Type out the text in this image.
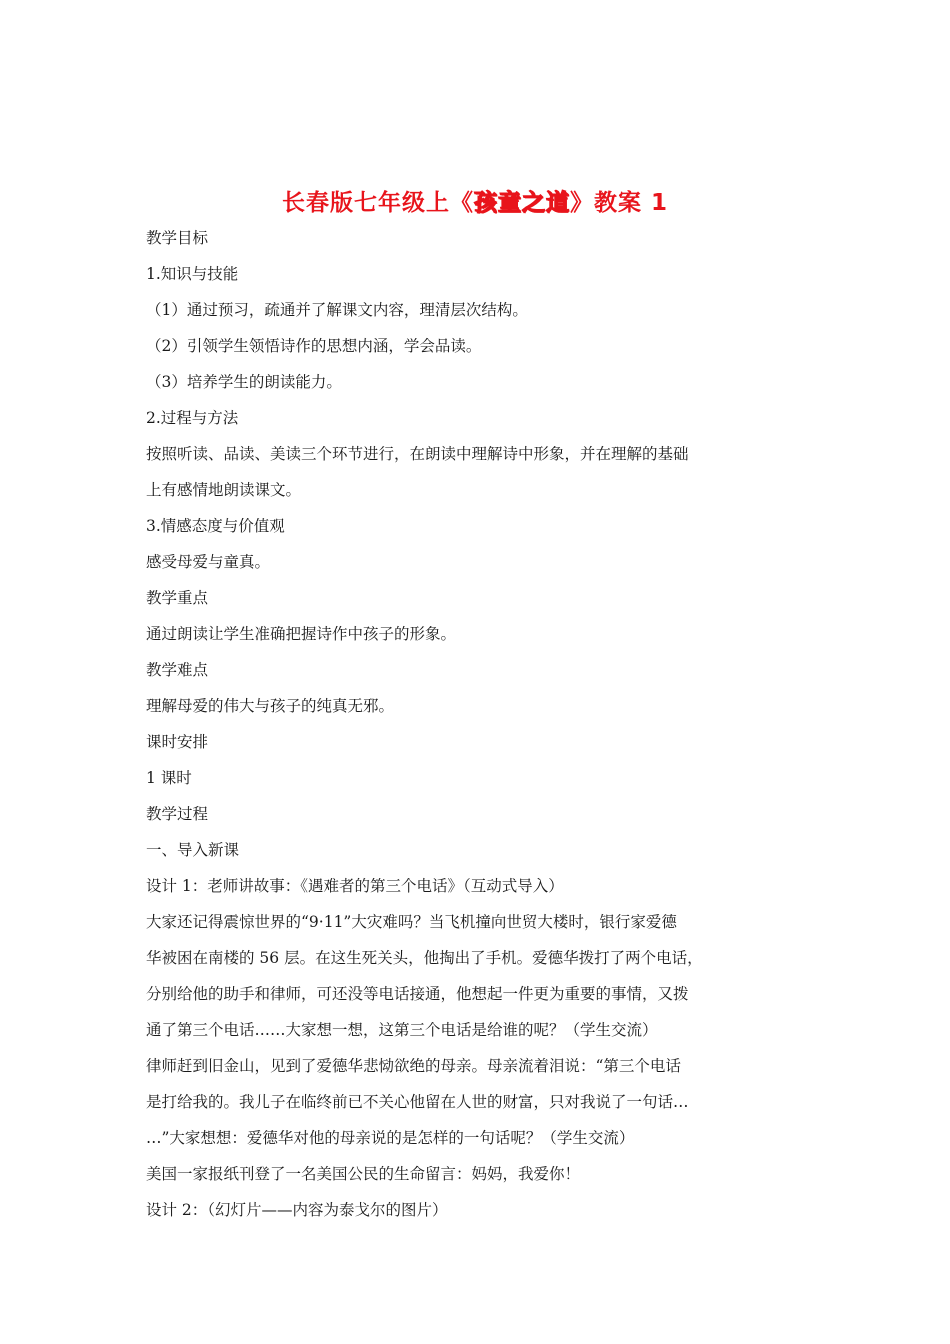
长春版七年级上《孩童之道》教案 1
教学目标
1.知识与技能
（1）通过预习，疏通并了解课文内容，理清层次结构。
（2）引领学生领悟诗作的思想内涵，学会品读。
（3）培养学生的朗读能力。
2.过程与方法
按照听读、品读、美读三个环节进行，在朗读中理解诗中形象，并在理解的基础
上有感情地朗读课文。
3.情感态度与价值观
感受母爱与童真。
教学重点
通过朗读让学生准确把握诗作中孩子的形象。
教学难点
理解母爱的伟大与孩子的纯真无邪。
课时安排
1 课时
教学过程
一、导入新课
设计 1：老师讲故事：《遇难者的第三个电话》（互动式导入）
大家还记得震惊世界的“9·11”大灾难吗？当飞机撞向世贸大楼时，银行家爱德
华被困在南楼的 56 层。在这生死关头，他掏出了手机。爱德华拨打了两个电话，
分别给他的助手和律师，可还没等电话接通，他想起一件更为重要的事情，又拨
通了第三个电话……大家想一想，这第三个电话是给谁的呢？（学生交流）
律师赶到旧金山，见到了爱德华悲恸欲绝的母亲。母亲流着泪说：“第三个电话
是打给我的。我儿子在临终前已不关心他留在人世的财富，只对我说了一句话…
…”大家想想：爱德华对他的母亲说的是怎样的一句话呢？（学生交流）
美国一家报纸刊登了一名美国公民的生命留言：妈妈，我爱你！
设计 2：（幻灯片——内容为泰戈尔的图片）
